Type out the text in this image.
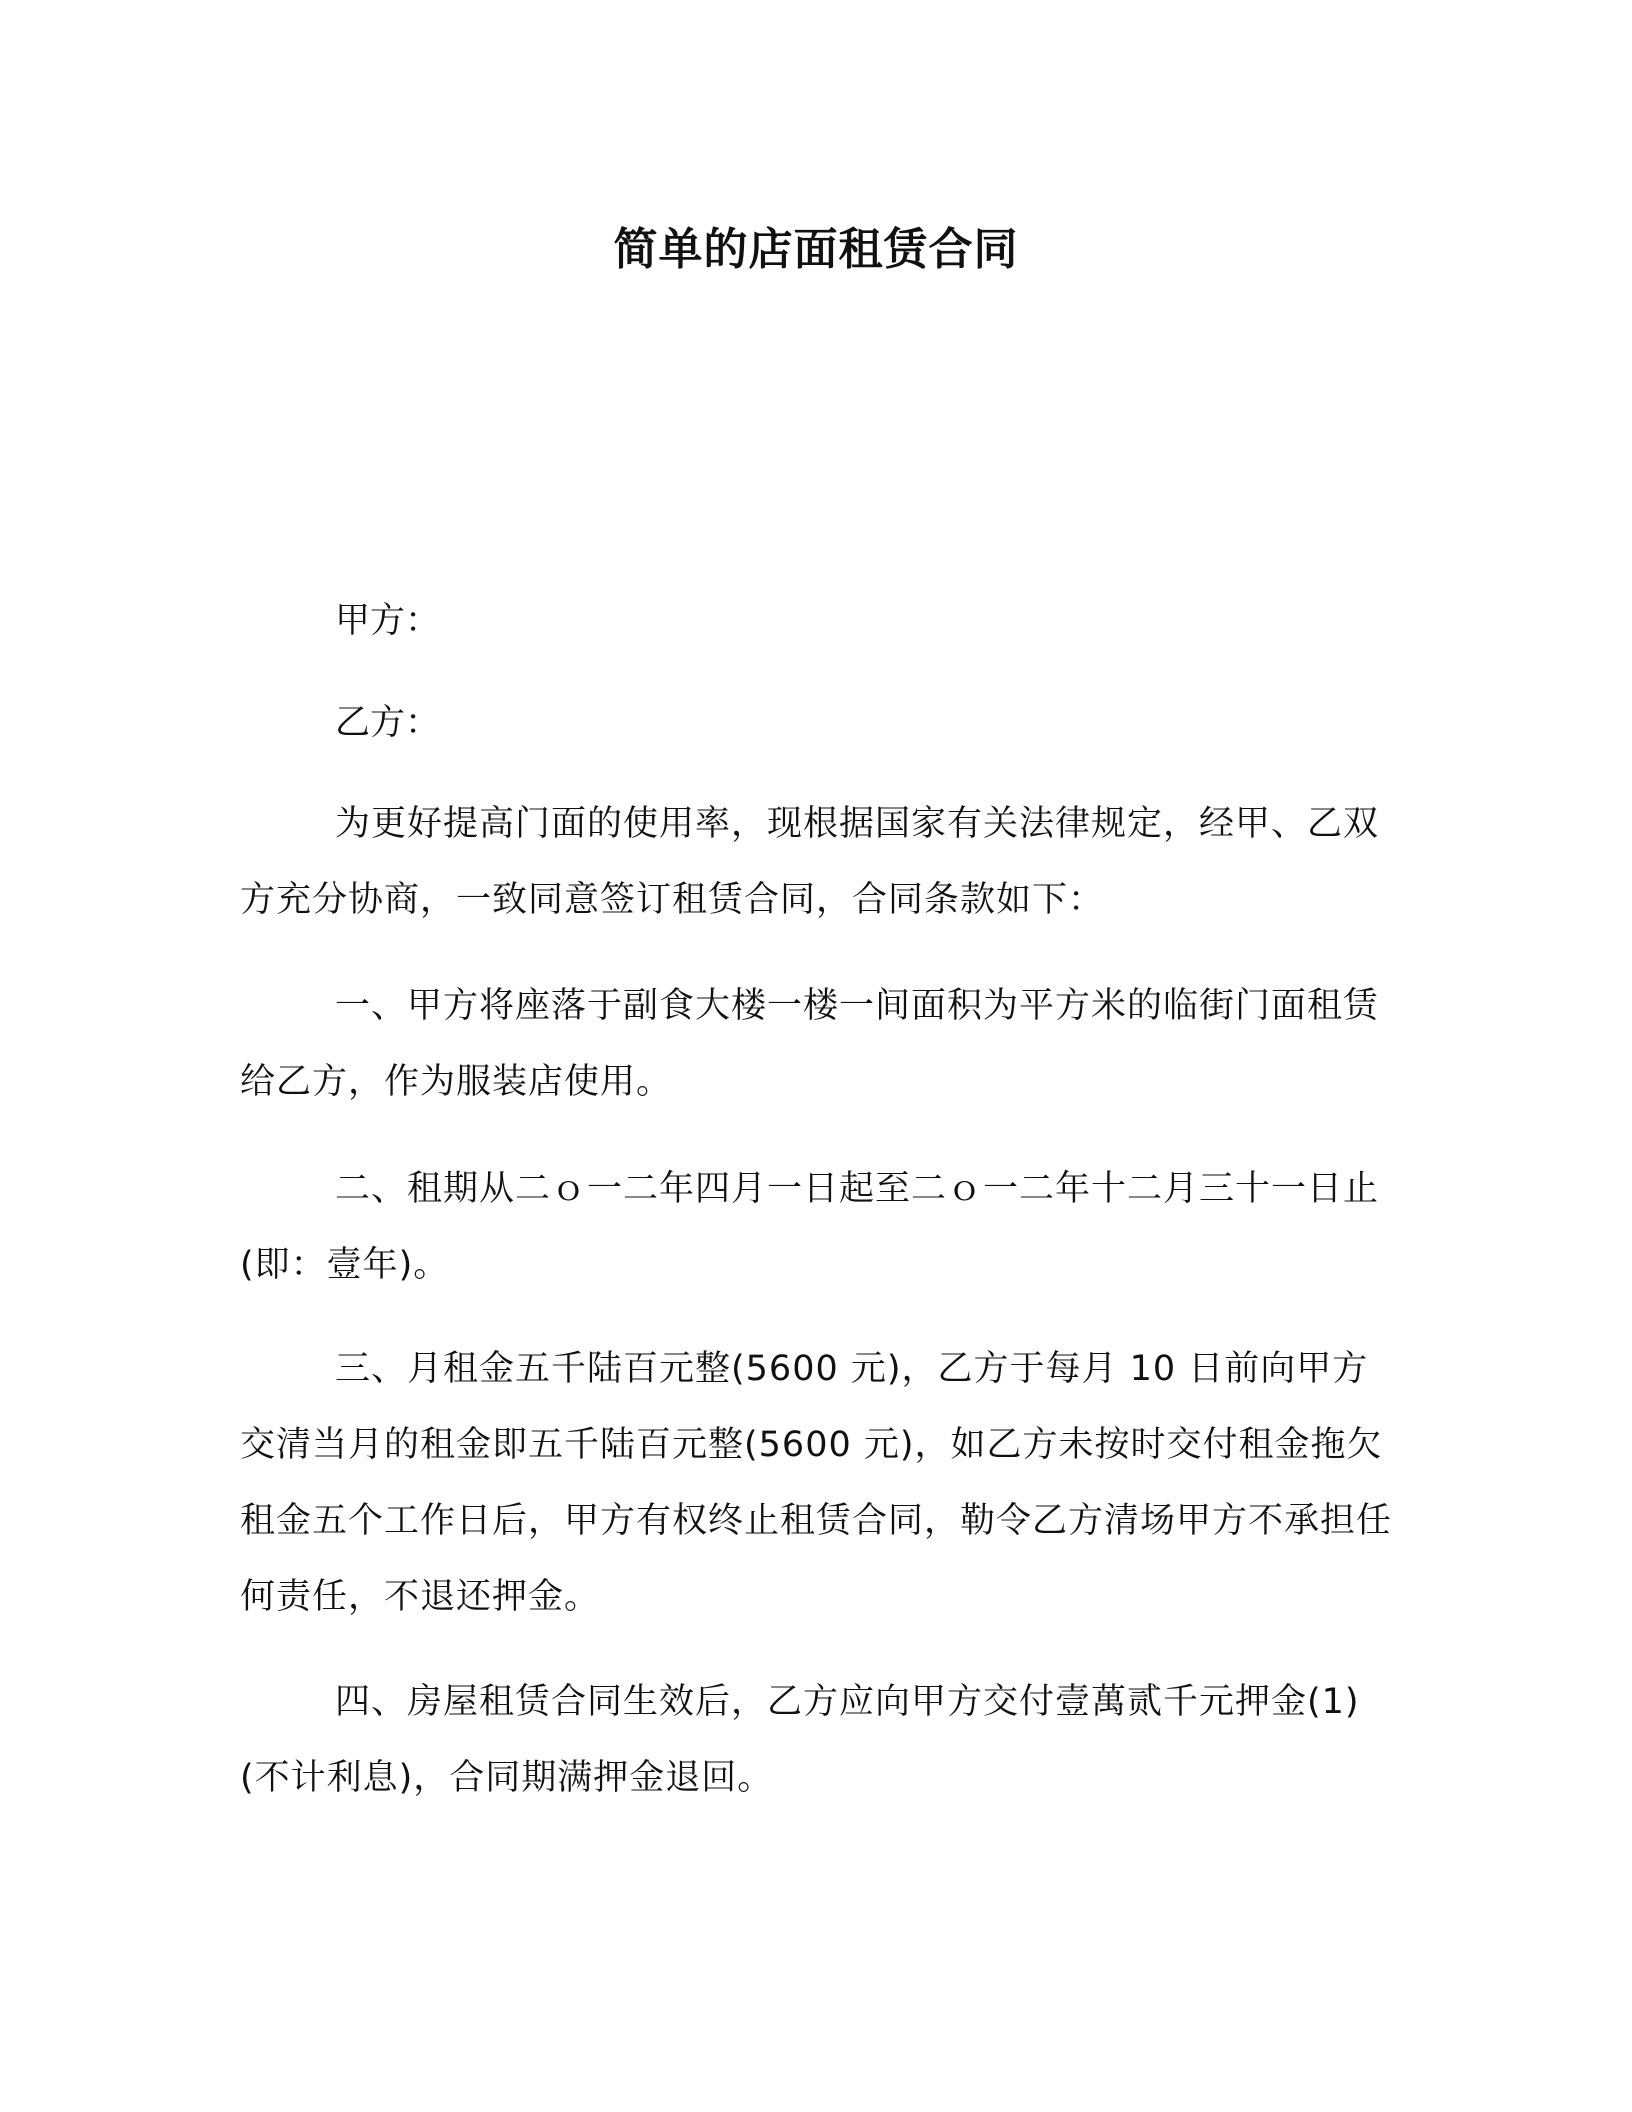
简单的店面租赁合同

甲方：

乙方：

为更好提高门面的使用率，现根据国家有关法律规定，经甲、乙双方充分协商，一致同意签订租赁合同，合同条款如下：

一、甲方将座落于副食大楼一楼一间面积为平方米的临街门面租赁给乙方，作为服装店使用。

二、租期从二ｏ一二年四月一日起至二ｏ一二年十二月三十一日止(即：壹年)。

三、月租金五千陆百元整(5600 元)，乙方于每月 10 日前向甲方交清当月的租金即五千陆百元整(5600 元)，如乙方未按时交付租金拖欠租金五个工作日后，甲方有权终止租赁合同，勒令乙方清场甲方不承担任何责任，不退还押金。

四、房屋租赁合同生效后，乙方应向甲方交付壹萬贰千元押金(1)(不计利息)，合同期满押金退回。
